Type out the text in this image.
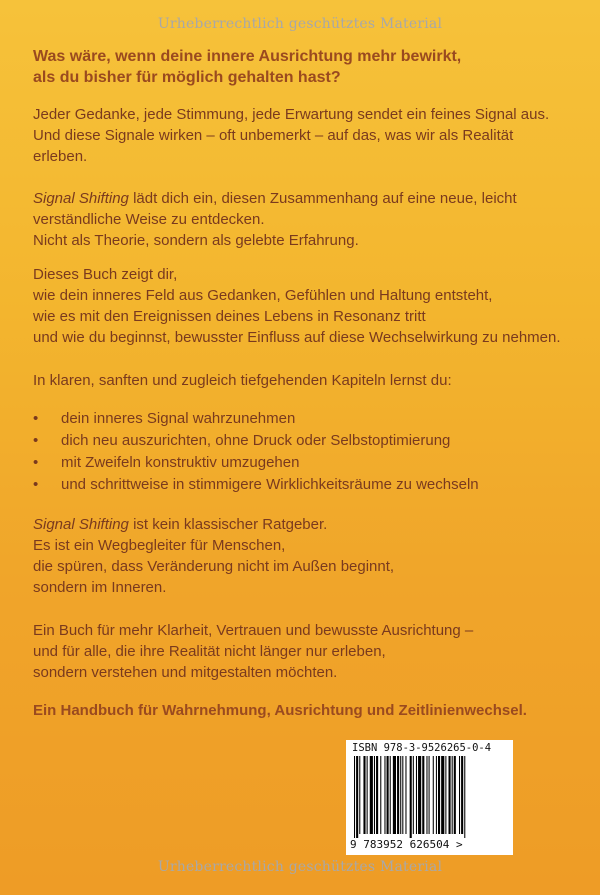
Urheberrechtlich geschütztes Material
Was wäre, wenn deine innere Ausrichtung mehr bewirkt,
als du bisher für möglich gehalten hast?
Jeder Gedanke, jede Stimmung, jede Erwartung sendet ein feines Signal aus.
Und diese Signale wirken – oft unbemerkt – auf das, was wir als Realität
erleben.
Signal Shifting lädt dich ein, diesen Zusammenhang auf eine neue, leicht
verständliche Weise zu entdecken.
Nicht als Theorie, sondern als gelebte Erfahrung.
Dieses Buch zeigt dir,
wie dein inneres Feld aus Gedanken, Gefühlen und Haltung entsteht,
wie es mit den Ereignissen deines Lebens in Resonanz tritt
und wie du beginnst, bewusster Einfluss auf diese Wechselwirkung zu nehmen.
In klaren, sanften und zugleich tiefgehenden Kapiteln lernst du:
• dein inneres Signal wahrzunehmen
• dich neu auszurichten, ohne Druck oder Selbstoptimierung
• mit Zweifeln konstruktiv umzugehen
• und schrittweise in stimmigere Wirklichkeitsräume zu wechseln
Signal Shifting ist kein klassischer Ratgeber.
Es ist ein Wegbegleiter für Menschen,
die spüren, dass Veränderung nicht im Außen beginnt,
sondern im Inneren.
Ein Buch für mehr Klarheit, Vertrauen und bewusste Ausrichtung –
und für alle, die ihre Realität nicht länger nur erleben,
sondern verstehen und mitgestalten möchten.
Ein Handbuch für Wahrnehmung, Ausrichtung und Zeitlinienwechsel.
ISBN 978-3-9526265-0-4
9 783952 626504 >
Urheberrechtlich geschütztes Material
